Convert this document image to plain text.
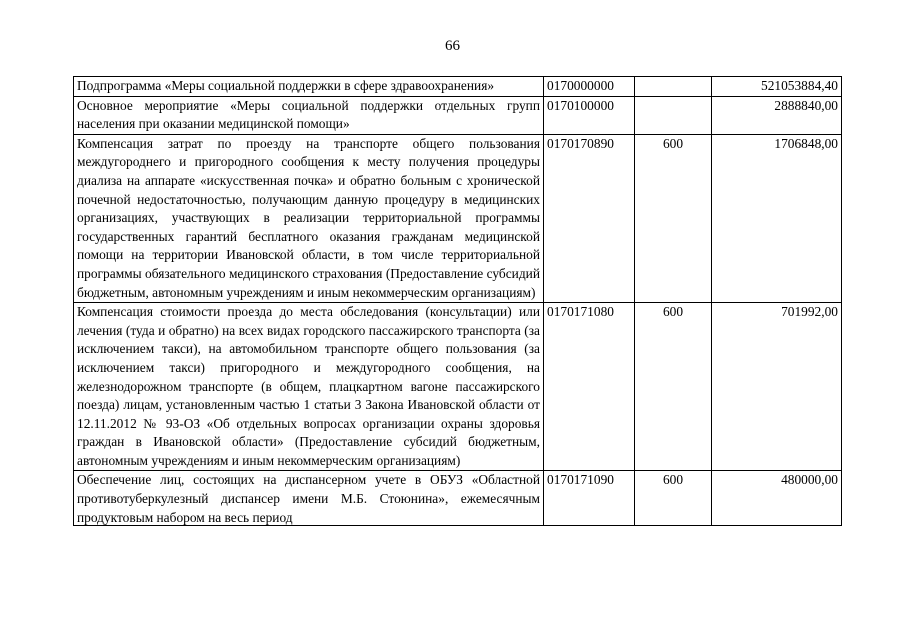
66
Подпрограмма «Меры социальной поддержки в сфере здравоохранения»	0170000000		521053884,40
Основное мероприятие «Меры социальной поддержки отдельных групп населения при оказании медицинской помощи»	0170100000		2888840,00
Компенсация затрат по проезду на транспорте общего пользования междугороднего и пригородного сообщения к месту получения процедуры диализа на аппарате «искусственная почка» и обратно больным с хронической почечной недостаточностью, получающим данную процедуру в медицинских организациях, участвующих в реализации территориальной программы государственных гарантий бесплатного оказания гражданам медицинской помощи на территории Ивановской области, в том числе территориальной программы обязательного медицинского страхования (Предоставление субсидий бюджетным, автономным учреждениям и иным некоммерческим организациям)	0170170890	600	1706848,00
Компенсация стоимости проезда до места обследования (консультации) или лечения (туда и обратно) на всех видах городского пассажирского транспорта (за исключением такси), на автомобильном транспорте общего пользования (за исключением такси) пригородного и междугородного сообщения, на железнодорожном транспорте (в общем, плацкартном вагоне пассажирского поезда) лицам, установленным частью 1 статьи 3 Закона Ивановской области от 12.11.2012 № 93-ОЗ «Об отдельных вопросах организации охраны здоровья граждан в Ивановской области» (Предоставление субсидий бюджетным, автономным учреждениям и иным некоммерческим организациям)	0170171080	600	701992,00

Обеспечение лиц, состоящих на диспансерном учете в ОБУЗ «Областной противотуберкулезный диспансер имени М.Б. Стоюнина», ежемесячным продуктовым набором на весь период	0170171090	600	480000,00
